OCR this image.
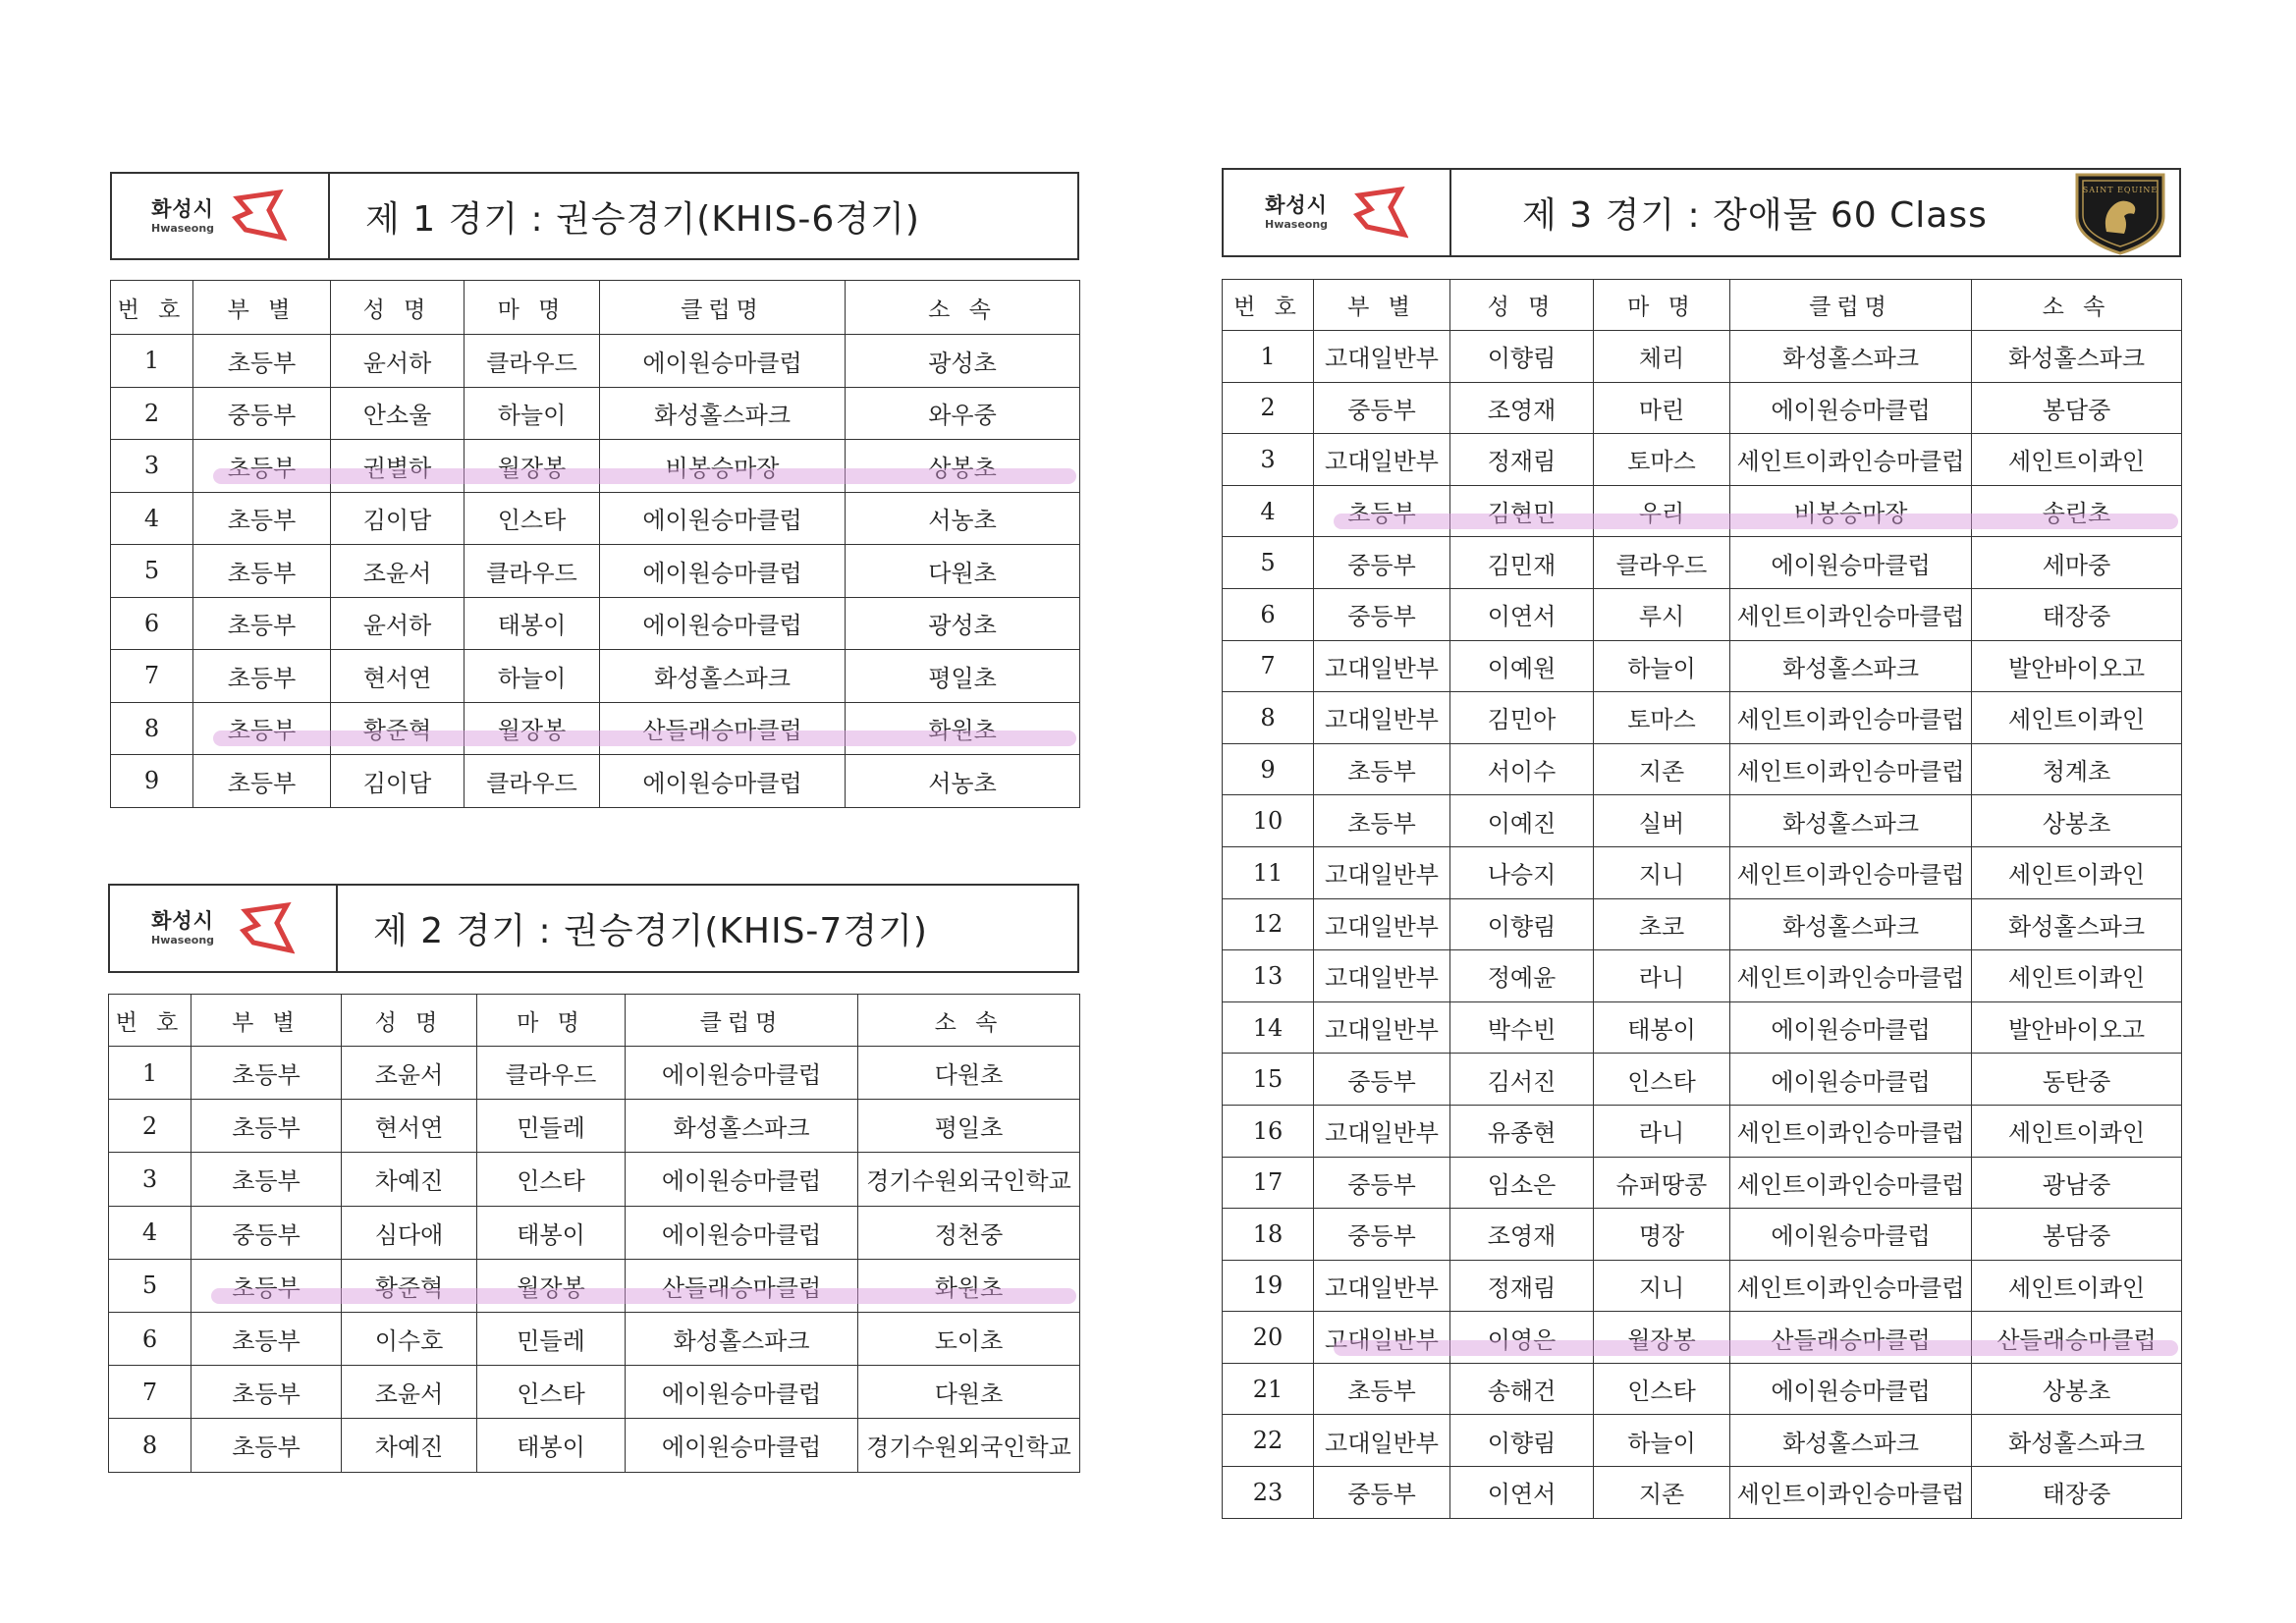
화성시
Hwaseong	제 1 경기 : 권승경기(KHIS-6경기)
번 호	부 별	성 명	마 명	클럽명	소 속
1	초등부	윤서하	클라우드	에이원승마클럽	광성초
2	중등부	안소울	하늘이	화성홀스파크	와우중
3	초등부	권별하	월장봉	비봉승마장	상봉초
4	초등부	김이담	인스타	에이원승마클럽	서농초
5	초등부	조윤서	클라우드	에이원승마클럽	다원초
6	초등부	윤서하	태봉이	에이원승마클럽	광성초
7	초등부	현서연	하늘이	화성홀스파크	평일초
8	초등부	황준혁	월장봉	산들래승마클럽	화원초
9	초등부	김이담	클라우드	에이원승마클럽	서농초
화성시
Hwaseong	제 2 경기 : 권승경기(KHIS-7경기)
번 호	부 별	성 명	마 명	클럽명	소 속
1	초등부	조윤서	클라우드	에이원승마클럽	다원초
2	초등부	현서연	민들레	화성홀스파크	평일초
3	초등부	차예진	인스타	에이원승마클럽	경기수원외국인학교
4	중등부	심다애	태봉이	에이원승마클럽	정천중
5	초등부	황준혁	월장봉	산들래승마클럽	화원초
6	초등부	이수호	민들레	화성홀스파크	도이초
7	초등부	조윤서	인스타	에이원승마클럽	다원초
8	초등부	차예진	태봉이	에이원승마클럽	경기수원외국인학교
화성시
Hwaseong	제 3 경기 : 장애물 60 Class
SAINT EQUINE
번 호	부 별	성 명	마 명	클럽명	소 속
1	고대일반부	이향림	체리	화성홀스파크	화성홀스파크
2	중등부	조영재	마린	에이원승마클럽	봉담중
3	고대일반부	정재림	토마스	세인트이콰인승마클럽	세인트이콰인
4	초등부	김현민	우리	비봉승마장	송린초
5	중등부	김민재	클라우드	에이원승마클럽	세마중
6	중등부	이연서	루시	세인트이콰인승마클럽	태장중
7	고대일반부	이예원	하늘이	화성홀스파크	발안바이오고
8	고대일반부	김민아	토마스	세인트이콰인승마클럽	세인트이콰인
9	초등부	서이수	지존	세인트이콰인승마클럽	청계초
10	초등부	이예진	실버	화성홀스파크	상봉초
11	고대일반부	나승지	지니	세인트이콰인승마클럽	세인트이콰인
12	고대일반부	이향림	초코	화성홀스파크	화성홀스파크
13	고대일반부	정예윤	라니	세인트이콰인승마클럽	세인트이콰인
14	고대일반부	박수빈	태봉이	에이원승마클럽	발안바이오고
15	중등부	김서진	인스타	에이원승마클럽	동탄중
16	고대일반부	유종현	라니	세인트이콰인승마클럽	세인트이콰인
17	중등부	임소은	슈퍼땅콩	세인트이콰인승마클럽	광남중
18	중등부	조영재	명장	에이원승마클럽	봉담중
19	고대일반부	정재림	지니	세인트이콰인승마클럽	세인트이콰인
20	고대일반부	이영은	월장봉	산들래승마클럽	산들래승마클럽
21	초등부	송해건	인스타	에이원승마클럽	상봉초
22	고대일반부	이향림	하늘이	화성홀스파크	화성홀스파크
23	중등부	이연서	지존	세인트이콰인승마클럽	태장중
